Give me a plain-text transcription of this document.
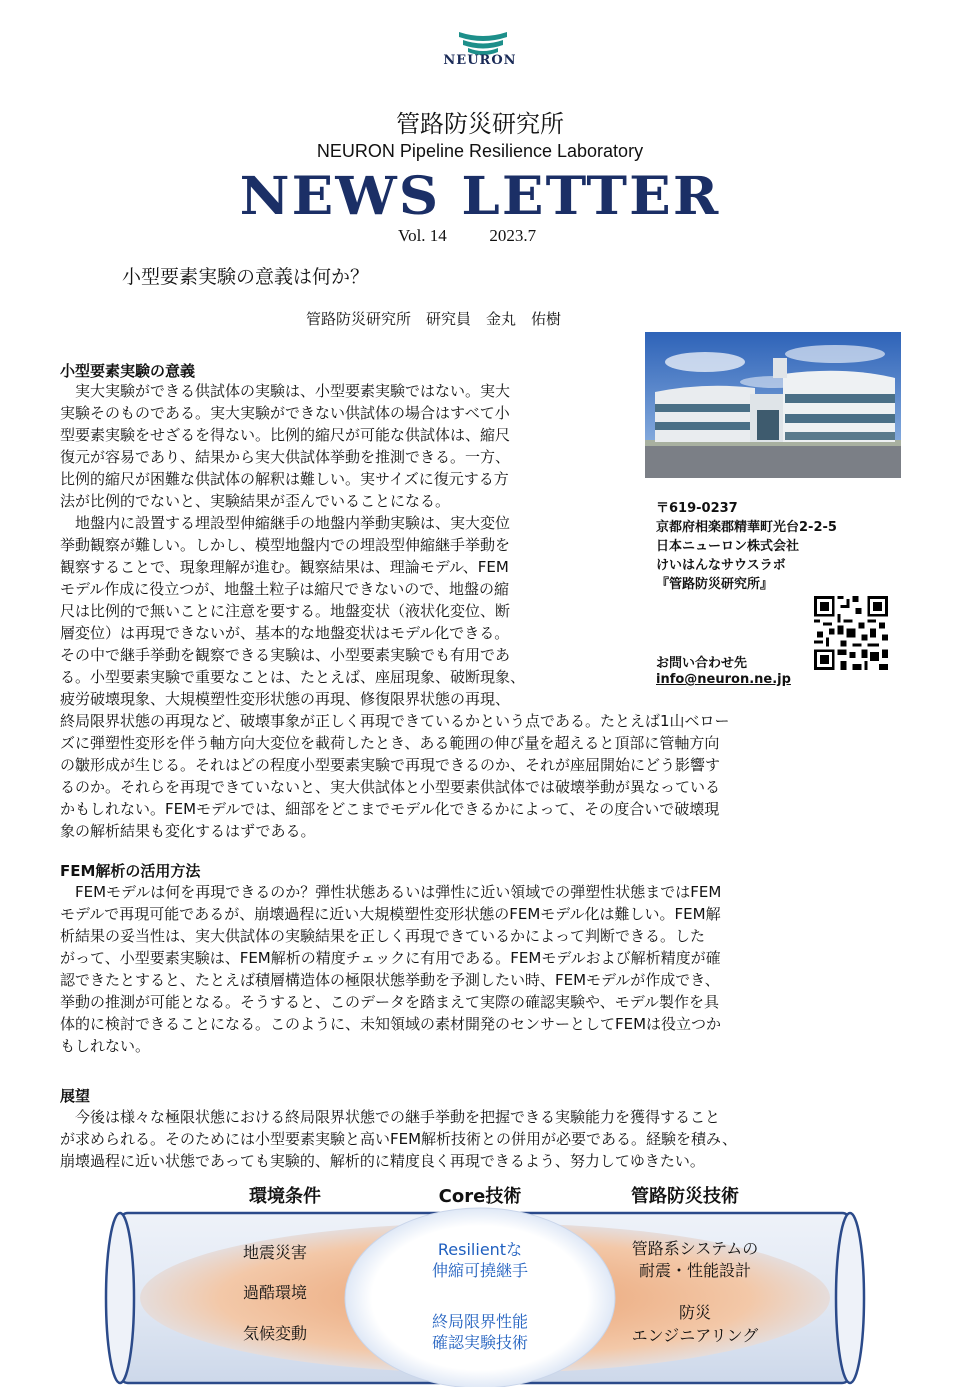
NEURON
管路防災研究所
NEURON Pipeline Resilience Laboratory
NEWS LETTER
Vol. 14	2023.7
小型要素実験の意義は何か？
管路防災研究所　研究員　金丸　佑樹
小型要素実験の意義
　実大実験ができる供試体の実験は、小型要素実験ではない。実大
実験そのものである。実大実験ができない供試体の場合はすべて小
型要素実験をせざるを得ない。比例的縮尺が可能な供試体は、縮尺
復元が容易であり、結果から実大供試体挙動を推測できる。一方、
比例的縮尺が困難な供試体の解釈は難しい。実サイズに復元する方
法が比例的でないと、実験結果が歪んでいることになる。
　地盤内に設置する埋設型伸縮継手の地盤内挙動実験は、実大変位
挙動観察が難しい。しかし、模型地盤内での埋設型伸縮継手挙動を
観察することで、現象理解が進む。観察結果は、理論モデル、FEM
モデル作成に役立つが、地盤土粒子は縮尺できないので、地盤の縮
尺は比例的で無いことに注意を要する。地盤変状（液状化変位、断
層変位）は再現できないが、基本的な地盤変状はモデル化できる。
その中で継手挙動を観察できる実験は、小型要素実験でも有用であ
る。小型要素実験で重要なことは、たとえば、座屈現象、破断現象、
疲労破壊現象、大規模塑性変形状態の再現、修復限界状態の再現、
終局限界状態の再現など、破壊事象が正しく再現できているかという点である。たとえば1山ベロー
ズに弾塑性変形を伴う軸方向大変位を載荷したとき、ある範囲の伸び量を超えると頂部に管軸方向
の皺形成が生じる。それはどの程度小型要素実験で再現できるのか、それが座屈開始にどう影響す
るのか。それらを再現できていないと、実大供試体と小型要素供試体では破壊挙動が異なっている
かもしれない。FEMモデルでは、細部をどこまでモデル化できるかによって、その度合いで破壊現
象の解析結果も変化するはずである。
〒619-0237
京都府相楽郡精華町光台2-2-5
日本ニューロン株式会社
けいはんなサウスラボ
『管路防災研究所』
お問い合わせ先
info@neuron.ne.jp
FEM解析の活用方法
　FEMモデルは何を再現できるのか？弾性状態あるいは弾性に近い領域での弾塑性状態まではFEM
モデルで再現可能であるが、崩壊過程に近い大規模塑性変形状態のFEMモデル化は難しい。FEM解
析結果の妥当性は、実大供試体の実験結果を正しく再現できているかによって判断できる。した
がって、小型要素実験は、FEM解析の精度チェックに有用である。FEMモデルおよび解析精度が確
認できたとすると、たとえば積層構造体の極限状態挙動を予測したい時、FEMモデルが作成でき、
挙動の推測が可能となる。そうすると、このデータを踏まえて実際の確認実験や、モデル製作を具
体的に検討できることになる。このように、未知領域の素材開発のセンサーとしてFEMは役立つか
もしれない。
展望
　今後は様々な極限状態における終局限界状態での継手挙動を把握できる実験能力を獲得すること
が求められる。そのためには小型要素実験と高いFEM解析技術との併用が必要である。経験を積み、
崩壊過程に近い状態であっても実験的、解析的に精度良く再現できるよう、努力してゆきたい。
環境条件	Core技術	管路防災技術
地震災害
過酷環境
気候変動
Resilientな
伸縮可撓継手
終局限界性能
確認実験技術
管路系システムの
耐震・性能設計
防災
エンジニアリング
